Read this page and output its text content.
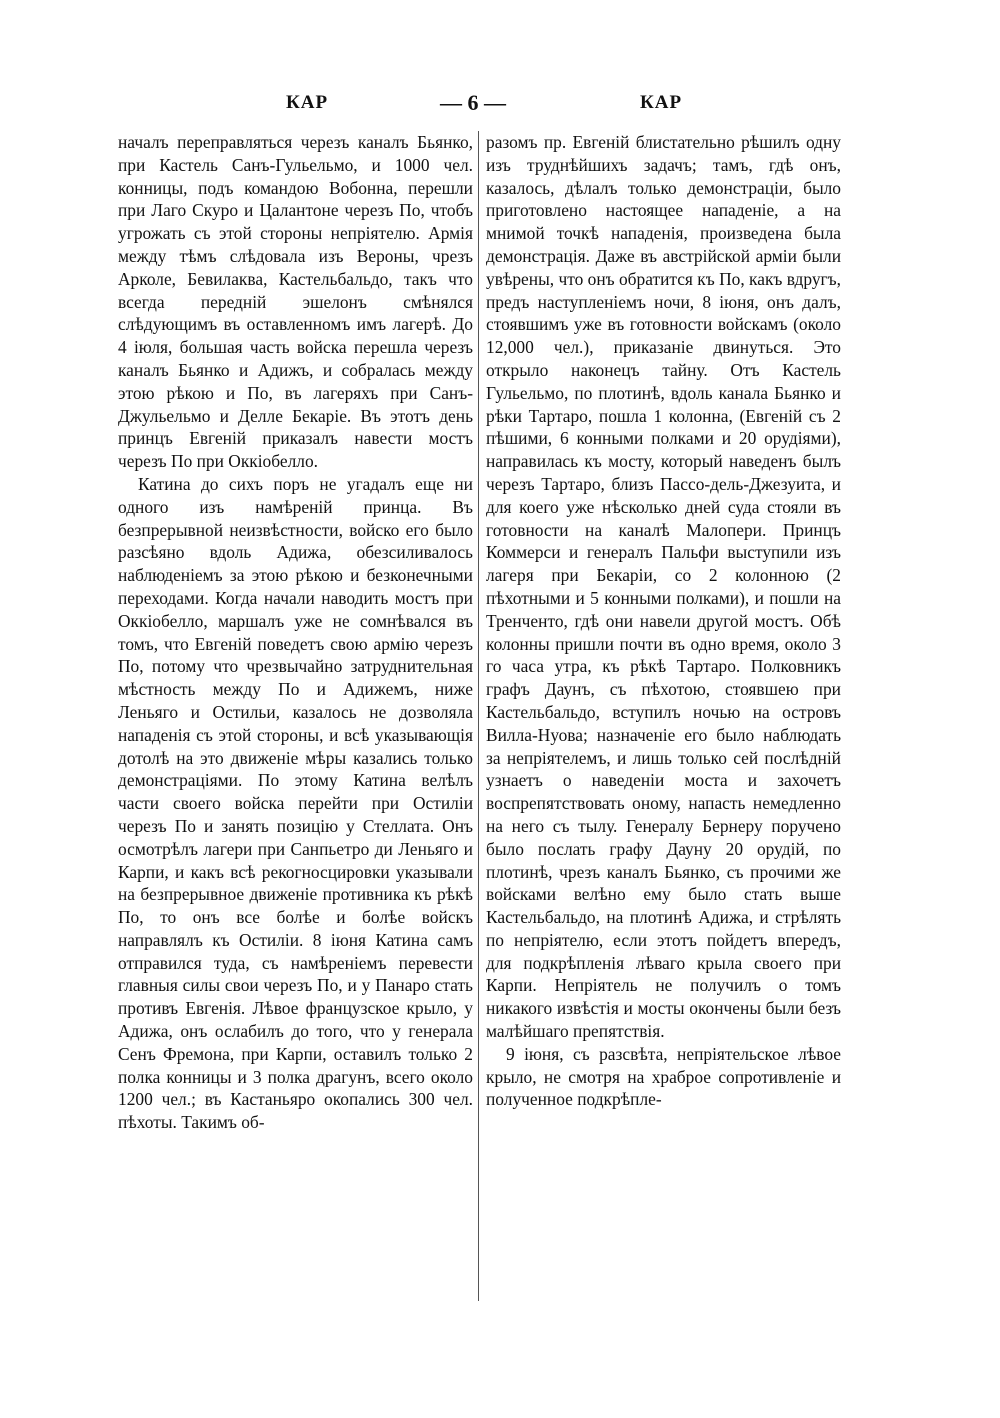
КАР	— 6 —	КАР

началъ переправляться черезъ каналъ Бьянко, при Кастель Санъ-Гульельмо, и 1000 чел. конницы, подъ командою Вобонна, перешли при Лаго Скуро и Цалантоне черезъ По, чтобъ угрожать съ этой стороны непріятелю. Армія между тѣмъ слѣдовала изъ Вероны, чрезъ Арколе, Бевилаква, Кастельбальдо, такъ что всегда передній эшелонъ смѣнялся слѣдующимъ въ оставленномъ имъ лагерѣ. До 4 іюля, большая часть войска перешла черезъ каналъ Бьянко и Адижъ, и собралась между этою рѣкою и По, въ лагеряхъ при Санъ-Джульельмо и Делле Бекаріе. Въ этотъ день принцъ Евгеній приказалъ навести мостъ черезъ По при Оккіобелло.

Катина до сихъ поръ не угадалъ еще ни одного изъ намѣреній принца. Въ безпрерывной неизвѣстности, войско его было разсѣяно вдоль Адижа, обезсиливалось наблюденіемъ за этою рѣкою и безконечными переходами. Когда начали наводить мостъ при Оккіобелло, маршалъ уже не сомнѣвался въ томъ, что Евгеній поведетъ свою армію черезъ По, потому что чрезвычайно затруднительная мѣстность между По и Адижемъ, ниже Леньяго и Остильи, казалось не дозволяла нападенія съ этой стороны, и всѣ указывающія дотолѣ на это движеніе мѣры казались только демонстраціями. По этому Катина велѣлъ части своего войска перейти при Остиліи черезъ По и занять позицію у Стеллата. Онъ осмотрѣлъ лагери при Санпьетро ди Леньяго и Карпи, и какъ всѣ рекогносцировки указывали на безпрерывное движеніе противника къ рѣкѣ По, то онъ все болѣе и болѣе войскъ направлялъ къ Остиліи. 8 іюня Катина самъ отправился туда, съ намѣреніемъ перевести главныя силы свои черезъ По, и у Панаро стать противъ Евгенія. Лѣвое французское крыло, у Адижа, онъ ослабилъ до того, что у генерала Сенъ Фремона, при Карпи, оставилъ только 2 полка конницы и 3 полка драгунъ, всего около 1200 чел.; въ Кастаньяро окопались 300 чел. пѣхоты. Такимъ об-

разомъ пр. Евгеній блистательно рѣшилъ одну изъ труднѣйшихъ задачъ; тамъ, гдѣ онъ, казалось, дѣлалъ только демонстраціи, было приготовлено настоящее нападеніе, а на мнимой точкѣ нападенія, произведена была демонстрація. Даже въ австрійской арміи были увѣрены, что онъ обратится къ По, какъ вдругъ, предъ наступленіемъ ночи, 8 іюня, онъ далъ, стоявшимъ уже въ готовности войскамъ (около 12,000 чел.), приказаніе двинуться. Это открыло наконецъ тайну. Отъ Кастель Гульельмо, по плотинѣ, вдоль канала Бьянко и рѣки Тартаро, пошла 1 колонна, (Евгеній съ 2 пѣшими, 6 конными полками и 20 орудіями), направилась къ мосту, который наведенъ былъ черезъ Тартаро, близъ Пассо-дель-Джезуита, и для коего уже нѣсколько дней суда стояли въ готовности на каналѣ Малопери. Принцъ Коммерси и генералъ Пальфи выступили изъ лагеря при Бекаріи, со 2 колонною (2 пѣхотными и 5 конными полками), и пошли на Тренченто, гдѣ они навели другой мостъ. Обѣ колонны пришли почти въ одно время, около 3 го часа утра, къ рѣкѣ Тартаро. Полковникъ графъ Даунъ, съ пѣхотою, стоявшею при Кастельбальдо, вступилъ ночью на островъ Вилла-Нуова; назначеніе его было наблюдать за непріятелемъ, и лишь только сей послѣдній узнаетъ о наведеніи моста и захочетъ воспрепятствовать оному, напасть немедленно на него съ тылу. Генералу Бернеру поручено было послать графу Дауну 20 орудій, по плотинѣ, чрезъ каналъ Бьянко, съ прочими же войсками велѣно ему было стать выше Кастельбальдо, на плотинѣ Адижа, и стрѣлять по непріятелю, если этотъ пойдетъ впередъ, для подкрѣпленія лѣваго крыла своего при Карпи. Непріятель не получилъ о томъ никакого извѣстія и мосты окончены были безъ малѣйшаго препятствія.

9 іюня, съ разсвѣта, непріятельское лѣвое крыло, не смотря на храброе сопротивленіе и полученное подкрѣпле-
